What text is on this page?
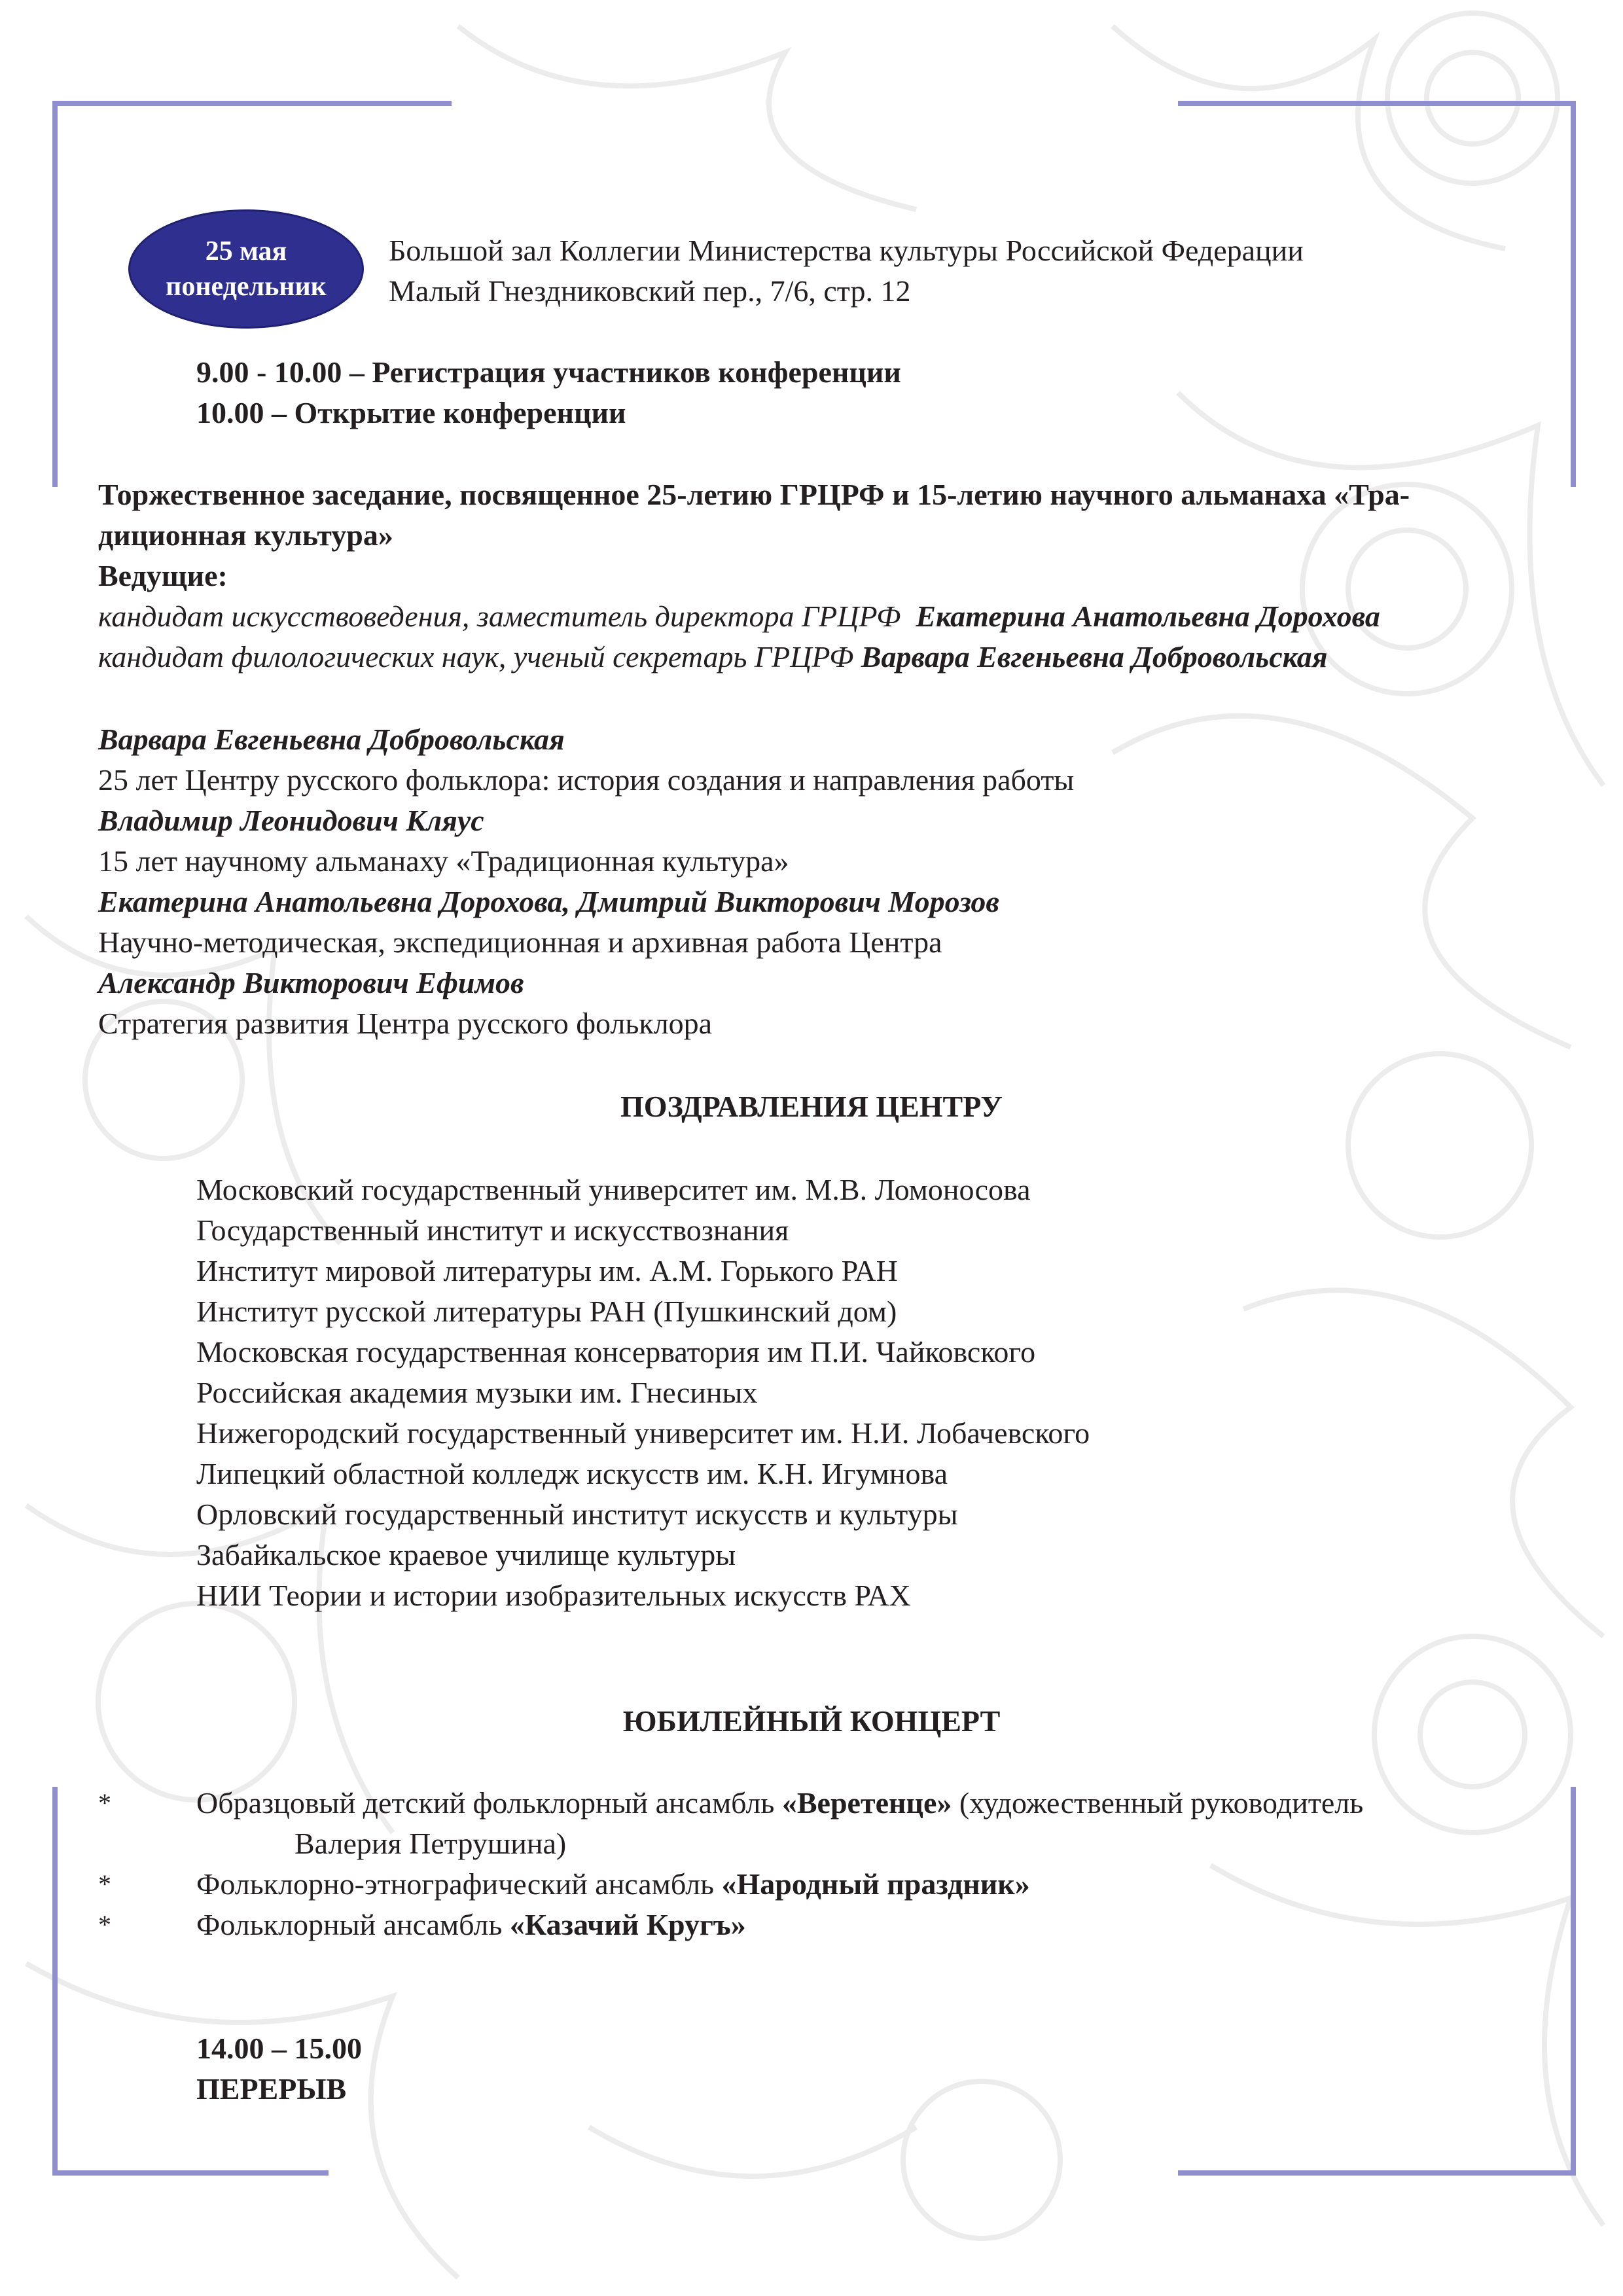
25 мая
понедельник
Большой зал Коллегии Министерства культуры Российской Федерации
Малый Гнездниковский пер., 7/6, стр. 12
9.00 - 10.00 – Регистрация участников конференции
10.00 – Открытие конференции
Торжественное заседание, посвященное 25-летию ГРЦРФ и 15-летию научного альманаха «Тра-
диционная культура»
Ведущие:
кандидат искусствоведения, заместитель директора ГРЦРФ Екатерина Анатольевна Дорохова
кандидат филологических наук, ученый секретарь ГРЦРФ Варвара Евгеньевна Добровольская
Варвара Евгеньевна Добровольская
25 лет Центру русского фольклора: история создания и направления работы
Владимир Леонидович Кляус
15 лет научному альманаху «Традиционная культура»
Екатерина Анатольевна Дорохова, Дмитрий Викторович Морозов
Научно-методическая, экспедиционная и архивная работа Центра
Александр Викторович Ефимов
Стратегия развития Центра русского фольклора
ПОЗДРАВЛЕНИЯ ЦЕНТРУ
Московский государственный университет им. М.В. Ломоносова
Государственный институт и искусствознания
Институт мировой литературы им. А.М. Горького РАН
Институт русской литературы РАН (Пушкинский дом)
Московская государственная консерватория им П.И. Чайковского
Российская академия музыки им. Гнесиных
Нижегородский государственный университет им. Н.И. Лобачевского
Липецкий областной колледж искусств им. К.Н. Игумнова
Орловский государственный институт искусств и культуры
Забайкальское краевое училище культуры
НИИ Теории и истории изобразительных искусств РАХ
ЮБИЛЕЙНЫЙ КОНЦЕРТ
*	Образцовый детский фольклорный ансамбль «Веретенце» (художественный руководитель
Валерия Петрушина)
*	Фольклорно-этнографический ансамбль «Народный праздник»
*	Фольклорный ансамбль «Казачий Кругъ»
14.00 – 15.00
ПЕРЕРЫВ
